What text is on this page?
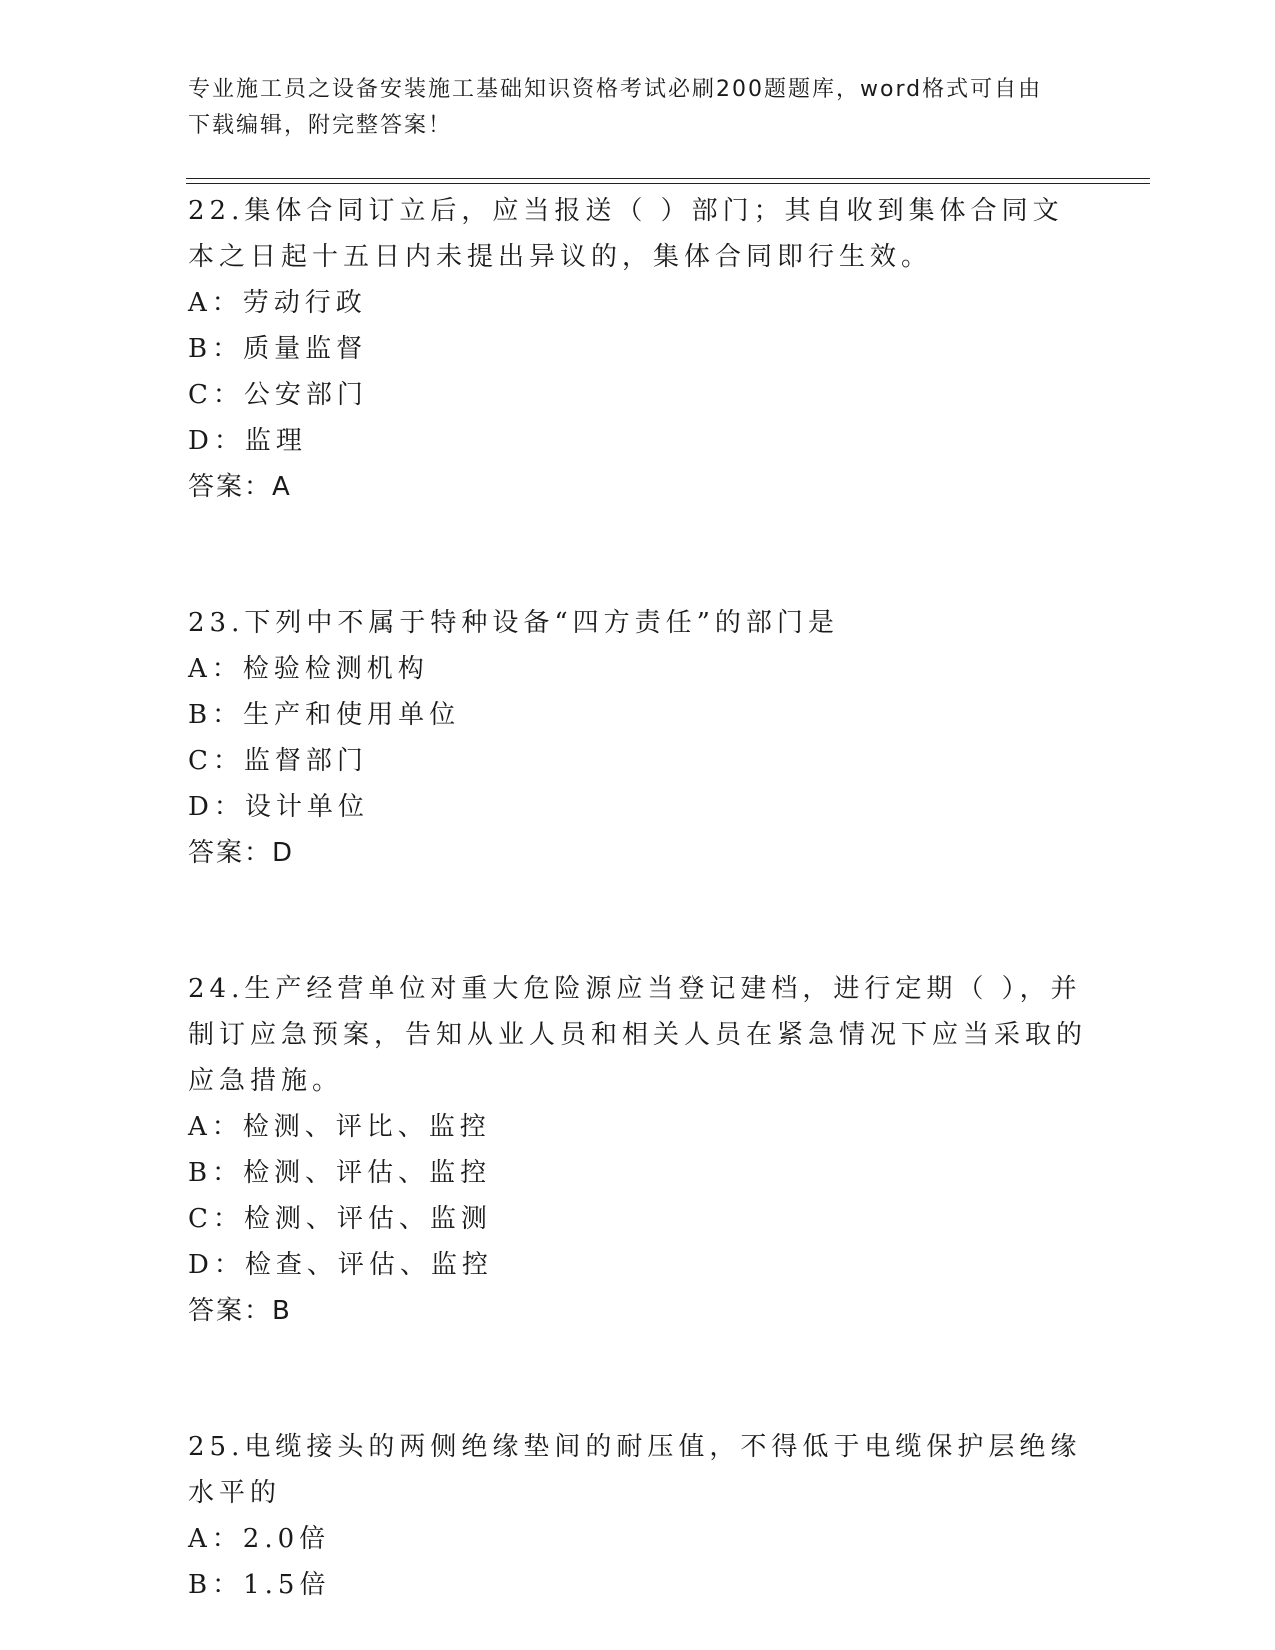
专业施工员之设备安装施工基础知识资格考试必刷200题题库，word格式可自由
下载编辑，附完整答案！

22.集体合同订立后，应当报送（ ）部门；其自收到集体合同文本之日起十五日内未提出异议的，集体合同即行生效。

A：劳动行政

B：质量监督

C：公安部门

D：监理

答案：A

23.下列中不属于特种设备“四方责任”的部门是

A：检验检测机构

B：生产和使用单位

C：监督部门

D：设计单位

答案：D

24.生产经营单位对重大危险源应当登记建档，进行定期（ ），并制订应急预案，告知从业人员和相关人员在紧急情况下应当采取的应急措施。

A：检测、评比、监控

B：检测、评估、监控

C：检测、评估、监测

D：检查、评估、监控

答案：B

25.电缆接头的两侧绝缘垫间的耐压值，不得低于电缆保护层绝缘水平的

A：2.0倍

B：1.5倍
